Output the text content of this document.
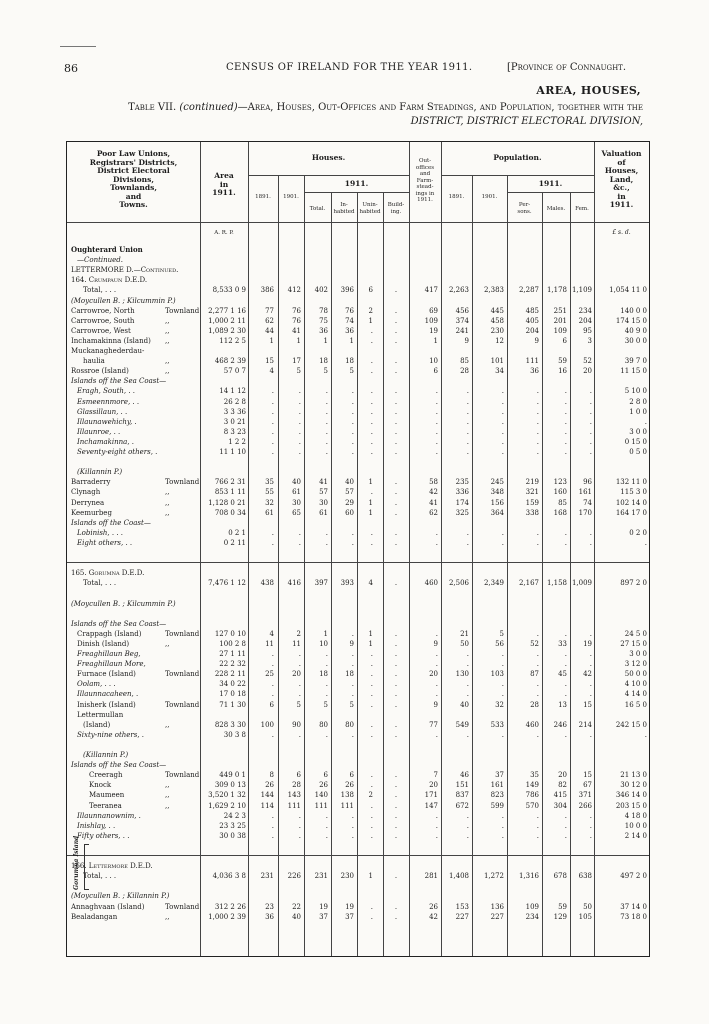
86	CENSUS OF IRELAND FOR THE YEAR 1911.	[Province of Connaught.
AREA, HOUSES,
Table VII. (continued)—Area, Houses, Out-Offices and Farm Steadings, and Population, together with the
DISTRICT, DISTRICT ELECTORAL DIVISION,
Poor Law Unions,
Registrars' Districts,
District Electoral
Divisions,
Townlands,
and
Towns.
Area
in
1911.
Houses.
1911.
1891.	1901.
Total.
In-
habited
Unin-
habited
Build-
ing.
Out-
offices
and
Farm-
stead-
ings in
1911.
Population.
1911.
1891.	1901.
Per-
sons.	Males.	Fem.
Valuation
of
Houses,
Land,
&c.,
in
1911.
A. R. P.	£ s. d.
Oughterard Union
—Continued.
LETTERMORE D.—Continued.
164. Crumpaun D.E.D.
Total, . . .	8,533 0 9	386	412	402	396	6	.	417	2,263	2,383	2,287	1,178 1,109	1,054 11 0
(Moycullen B. ; Kilcummin P.)
Carrowroe, North	Townland	2,277 1 16	77	76	78	76	2	.	69	456	445	485	251	234	140 0 0
Carrowroe, South	,,	1,000 2 11	62	76	75	74	1	.	109	374	458	405	201	204	174 15 0
Carrowroe, West	,,	1,089 2 30	44	41	36	36	.	.	19	241	230	204	109	95	40 9 0
Inchamakinna (Island) ,,	112 2 5	1	1	1	1	.	.	1	9	12	9	6	3	30 0 0
Muckanaghederdau-
haulia	,,	468 2 39	15	17	18	18	.	.	10	85	101	111	59	52	39 7 0
Rossroe (Island)	,,	57 0 7	4	5	5	5	.	.	6	28	34	36	16	20	11 15 0
Islands off the Sea Coast—
Eragh, South, . .	14 1 12	.	.	.	.	.	.	.	.	.	.	.	.	5 10 0
Esmeennmore, . .	26 2 8	.	.	.	.	.	.	.	.	.	.	.	.	2 8 0
Glassillaun, . .	3 3 36	.	.	.	.	.	.	.	.	.	.	.	.	1 0 0
Illaunawehichy, .	3 0 21	.	.	.	.	.	.	.	.	.	.	.	.	.
Illaunroe, . .	8 3 23	.	.	.	.	.	.	.	.	.	.	.	.	3 0 0
Inchamakinna, .	1 2 2	.	.	.	.	.	.	.	.	.	.	.	.	0 15 0
Seventy-eight others, .	11 1 10	.	.	.	.	.	.	.	.	.	.	.	.	0 5 0
(Killannin P.)
Barraderry	Townland	766 2 31	35	40	41	40	1	.	58	235	245	219	123	96	132 11 0
Clynagh	,,	853 1 11	55	61	57	57	.	.	42	336	348	321	160	161	115 3 0
Derrynea	,,	1,128 0 21	32	30	30	29	1	.	41	174	156	159	85	74	102 14 0
Keemurbeg	,,	708 0 34	61	65	61	60	1	.	62	325	364	338	168	170	164 17 0
Islands off the Coast—
Lobinish, . . .	0 2 1	.	.	.	.	.	.	.	.	.	.	.	.	0 2 0
Eight others, . .	0 2 11	.	.	.	.	.	.	.	.	.	.	.	.	.
165. Gorumna D.E.D.
Total, . . .	7,476 1 12	438	416	397	393	4	.	460	2,506	2,349	2,167	1,158 1,009	897 2 0
(Moycullen B. ; Kilcummin P.)
Islands off the Sea Coast—
Crappagh (Island)	Townland	127 0 10	4	2	1	.	1	.	.	21	5	.	.	.	24 5 0
Dinish (Island)	,,	100 2 8	11	11	10	9	1	.	9	50	56	52	33	19	27 15 0
Freaghillaun Beg,	27 1 11	.	.	.	.	.	.	.	.	.	.	.	.	3 0 0
Freaghillaun More,	22 2 32	.	.	.	.	.	.	.	.	.	.	.	.	3 12 0
Furnace (Island)	Townland	228 2 11	25	20	18	18	.	.	20	130	103	87	45	42	50 0 0
Oolam, . . .	34 0 22	.	.	.	.	.	.	.	.	.	.	.	.	4 10 0
Illaunnacaheen, .	17 0 18	.	.	.	.	.	.	.	.	.	.	.	.	4 14 0
Inisherk (Island)	Townland	71 1 30	6	5	5	5	.	.	9	40	32	28	13	15	16 5 0
Lettermullan
(Island)	,,	828 3 30	100	90	80	80	.	.	77	549	533	460	246	214	242 15 0
Sixty-nine others, .	30 3 8	.	.	.	.	.	.	.	.	.	.	.	.	.
(Killannin P.)
Islands off the Sea Coast—
Creeragh	Townland	449 0 1	8	6	6	6	.	.	7	46	37	35	20	15	21 13 0
Knock	,,	309 0 13	26	28	26	26	.	.	20	151	161	149	82	67	30 12 0
Maumeen	,,	3,520 1 32	144	143	140	138	2	.	171	837	823	786	415	371	346 14 0
Teeranea	,,	1,629 2 10	114	111	111	111	.	.	147	672	599	570	304	266	203 15 0
Illaunnanownim, .	24 2 3	.	.	.	.	.	.	.	.	.	.	.	.	4 18 0
Inishlay, . .	23 3 25	.	.	.	.	.	.	.	.	.	.	.	.	10 0 0
Fifty others, . .	30 0 38	.	.	.	.	.	.	.	.	.	.	.	.	2 14 0
166. Lettermore D.E.D.
Total, . . .	4,036 3 8	231	226	231	230	1	.	281	1,408	1,272	1,316	678	638	497 2 0
(Moycullen B. ; Killannin P.)
Annaghvaan (Island)	Townland	312 2 26	23	22	19	19	.	.	26	153	136	109	59	50	37 14 0
Bealadangan	,,	1,000 2 39	36	40	37	37	.	.	42	227	227	234	129	105	73 18 0
Gorumna Island
